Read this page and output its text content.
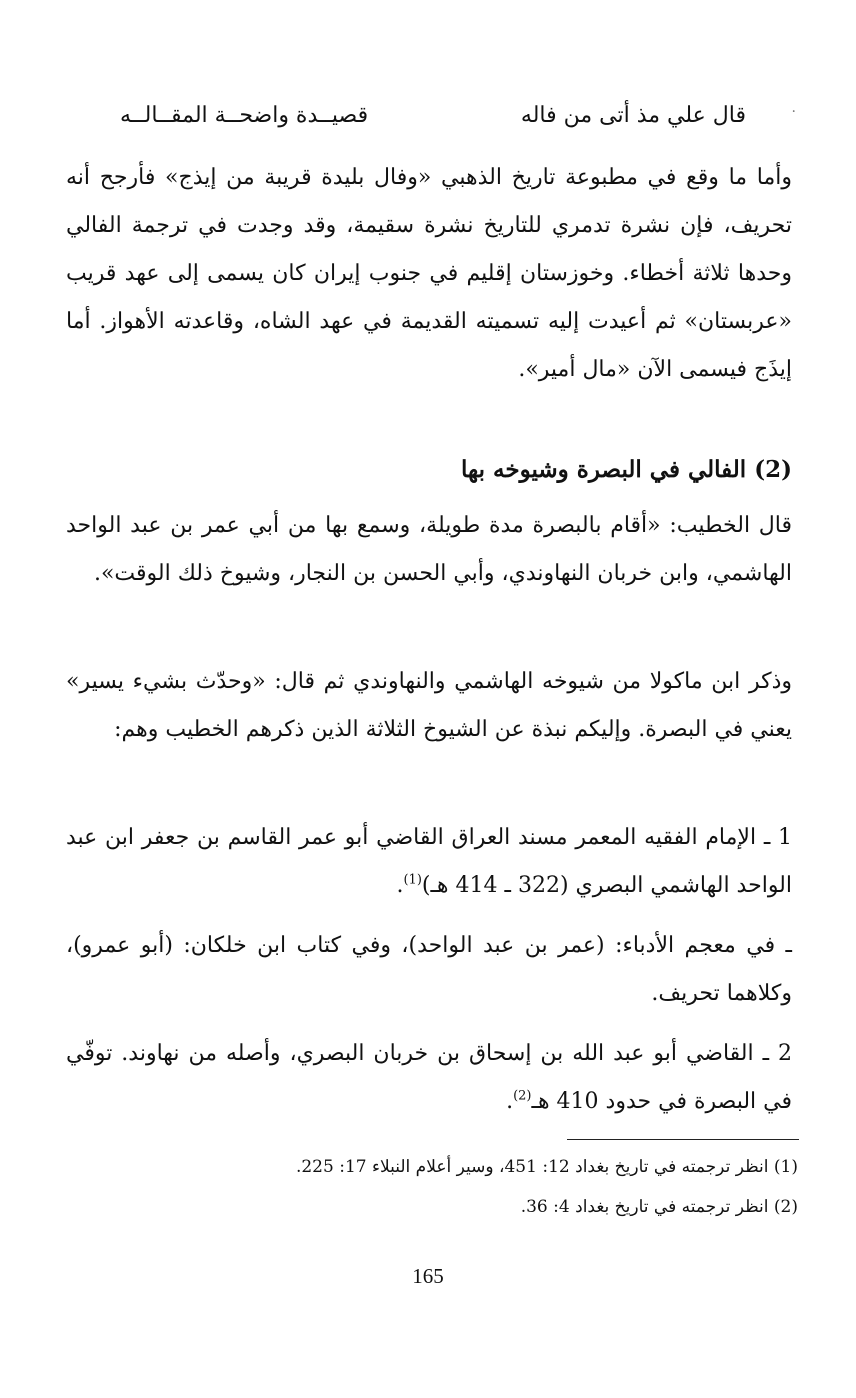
.
قال علي مذ أتى من فاله
قصيــدة واضحــة المقــالــه

وأما ما وقع في مطبوعة تاريخ الذهبي «وفال بليدة قريبة من إيذج» فأرجح أنه تحريف، فإن نشرة تدمري للتاريخ نشرة سقيمة، وقد وجدت في ترجمة الفالي وحدها ثلاثة أخطاء. وخوزستان إقليم في جنوب إيران كان يسمى إلى عهد قريب «عربستان» ثم أعيدت إليه تسميته القديمة في عهد الشاه، وقاعدته الأهواز. أما إيذَج فيسمى الآن «مال أمير».

(2) الفالي في البصرة وشيوخه بها

قال الخطيب: «أقام بالبصرة مدة طويلة، وسمع بها من أبي عمر بن عبد الواحد الهاشمي، وابن خربان النهاوندي، وأبي الحسن بن النجار، وشيوخ ذلك الوقت».

وذكر ابن ماكولا من شيوخه الهاشمي والنهاوندي ثم قال: «وحدّث بشيء يسير» يعني في البصرة. وإليكم نبذة عن الشيوخ الثلاثة الذين ذكرهم الخطيب وهم:

1 ـ الإمام الفقيه المعمر مسند العراق القاضي أبو عمر القاسم بن جعفر ابن عبد الواحد الهاشمي البصري (322 ـ 414 هـ)$^{(1)}$.

ـ في معجم الأدباء: (عمر بن عبد الواحد)، وفي كتاب ابن خلكان: (أبو عمرو)، وكلاهما تحريف.

2 ـ القاضي أبو عبد الله بن إسحاق بن خربان البصري، وأصله من نهاوند. توفّي في البصرة في حدود 410 هـ$^{(2)}$.

(1) انظر ترجمته في تاريخ بغداد 12: 451، وسير أعلام النبلاء 17: 225.

(2) انظر ترجمته في تاريخ بغداد 4: 36.

165
